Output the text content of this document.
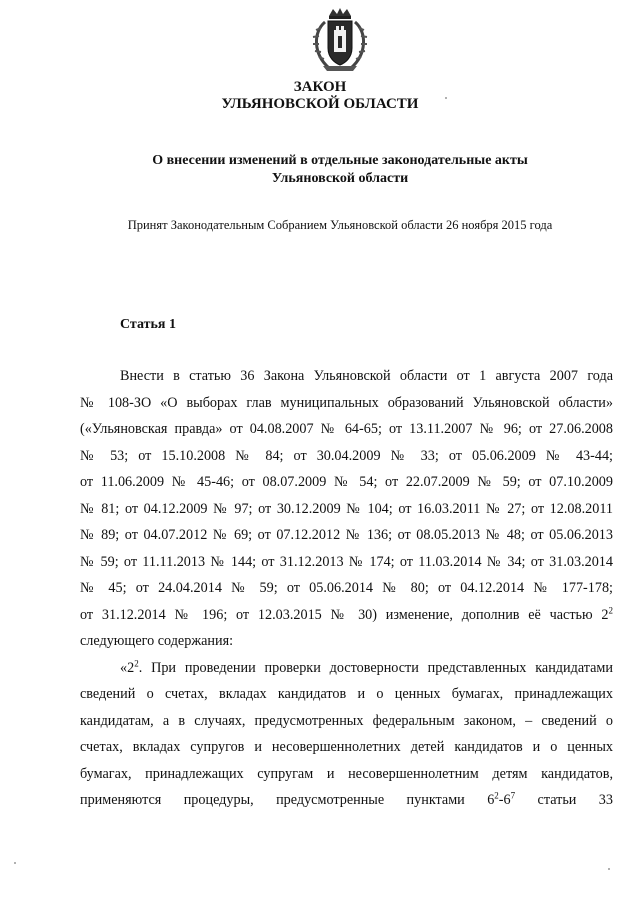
ЗАКОН
УЛЬЯНОВСКОЙ ОБЛАСТИ
О внесении изменений в отдельные законодательные акты
Ульяновской области
Принят Законодательным Собранием Ульяновской области 26 ноября 2015 года
Статья 1
Внести в статью 36 Закона Ульяновской области от 1 августа 2007 года
№ 108-ЗО «О выборах глав муниципальных образований Ульяновской области»
(«Ульяновская правда» от 04.08.2007 № 64-65; от 13.11.2007 № 96; от 27.06.2008
№ 53; от 15.10.2008 № 84; от 30.04.2009 № 33; от 05.06.2009 № 43-44;
от 11.06.2009 № 45-46; от 08.07.2009 № 54; от 22.07.2009 № 59; от 07.10.2009
№ 81; от 04.12.2009 № 97; от 30.12.2009 № 104; от 16.03.2011 № 27; от 12.08.2011
№ 89; от 04.07.2012 № 69; от 07.12.2012 № 136; от 08.05.2013 № 48; от 05.06.2013
№ 59; от 11.11.2013 № 144; от 31.12.2013 № 174; от 11.03.2014 № 34; от 31.03.2014
№ 45; от 24.04.2014 № 59; от 05.06.2014 № 80; от 04.12.2014 № 177-178;
от 31.12.2014 № 196; от 12.03.2015 № 30) изменение, дополнив её частью $2^2$
следующего содержания:
«$2^2$. При проведении проверки достоверности представленных кандидатами
сведений о счетах, вкладах кандидатов и о ценных бумагах, принадлежащих
кандидатам, а в случаях, предусмотренных федеральным законом, – сведений о
счетах, вкладах супругов и несовершеннолетних детей кандидатов и о ценных
бумагах, принадлежащих супругам и несовершеннолетним детям кандидатов,
применяются процедуры, предусмотренные пунктами $6^2-6^7$ статьи 33
